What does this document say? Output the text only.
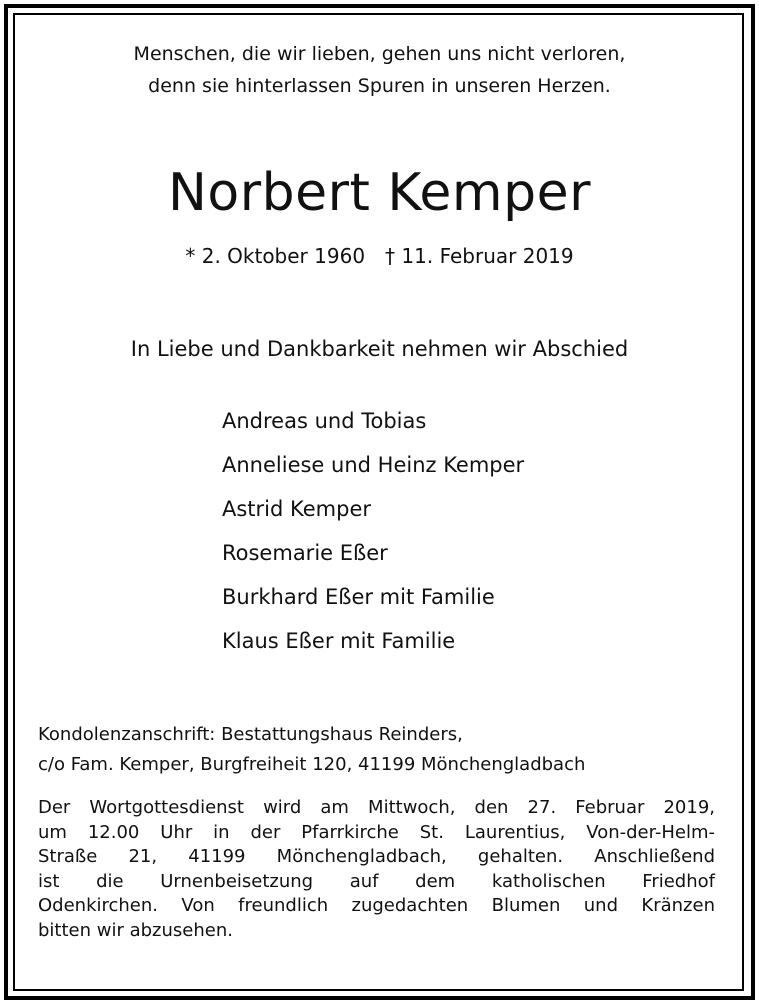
Menschen, die wir lieben, gehen uns nicht verloren,
denn sie hinterlassen Spuren in unseren Herzen.
Norbert Kemper
* 2. Oktober 1960 † 11. Februar 2019
In Liebe und Dankbarkeit nehmen wir Abschied
Andreas und Tobias
Anneliese und Heinz Kemper
Astrid Kemper
Rosemarie Eßer
Burkhard Eßer mit Familie
Klaus Eßer mit Familie
Kondolenzanschrift: Bestattungshaus Reinders,
c/o Fam. Kemper, Burgfreiheit 120, 41199 Mönchengladbach
Der Wortgottesdienst wird am Mittwoch, den 27. Februar 2019,
um 12.00 Uhr in der Pfarrkirche St. Laurentius, Von-der-Helm-
Straße 21, 41199 Mönchengladbach, gehalten. Anschließend
ist die Urnenbeisetzung auf dem katholischen Friedhof
Odenkirchen. Von freundlich zugedachten Blumen und Kränzen
bitten wir abzusehen.
